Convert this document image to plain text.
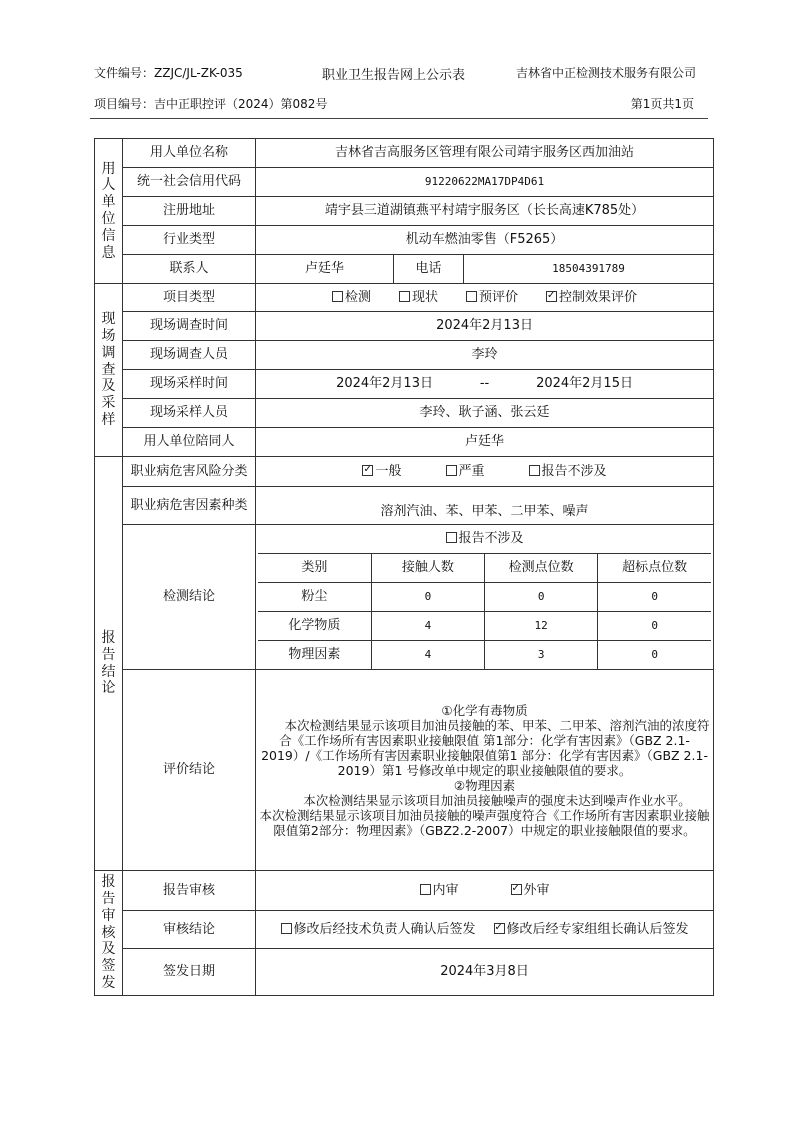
文件编号：ZZJC/JL-ZK-035	职业卫生报告网上公示表	吉林省中正检测技术服务有限公司
项目编号：吉中正职控评（2024）第082号	第1页共1页
用
人
单
位
信
息
	用人单位名称	吉林省吉高服务区管理有限公司靖宇服务区西加油站
统一社会信用代码	91220622MA17DP4D61
注册地址	靖宇县三道湖镇燕平村靖宇服务区（长长高速K785处）
行业类型	机动车燃油零售（F5265）
联系人	卢廷华	电话	18504391789

现
场
调
查
及
采
样
	项目类型	检测	现状	预评价 ✓	控制效果评价
现场调查时间	2024年2月13日
现场调查人员	李玲
现场采样时间	2024年2月13日	--	2024年2月15日
现场采样人员	李玲、耿子涵、张云廷
用人单位陪同人	卢廷华

报
告
结
论
	职业病危害风险分类	✓一般	严重	报告不涉及
职业病危害因素种类	溶剂汽油、苯、甲苯、二甲苯、噪声
检测结论	
报告不涉及
类别	接触人数	检测点位数	超标点位数
粉尘	0	0	0
化学物质	4	12	0
物理因素	4	3	0

评价结论	
①化学有毒物质
本次检测结果显示该项目加油员接触的苯、甲苯、二甲苯、溶剂汽油的浓度符合《工作场所有害因素职业接触限值 第1部分：化学有害因素》（GBZ 2.1-2019）/《工作场所有害因素职业接触限值第1 部分：化学有害因素》（GBZ 2.1-2019）第1 号修改单中规定的职业接触限值的要求。
②物理因素
本次检测结果显示该项目加油员接触噪声的强度未达到噪声作业水平。
本次检测结果显示该项目加油员接触的噪声强度符合《工作场所有害因素职业接触限值第2部分：物理因素》（GBZ2.2-2007）中规定的职业接触限值的要求。

报
告
审
核
及
签
发
	报告审核	内审 ✓	外审
审核结论	修改后经技术负责人确认后签发 ✓ 修改后经专家组组长确认后签发
签发日期	2024年3月8日
